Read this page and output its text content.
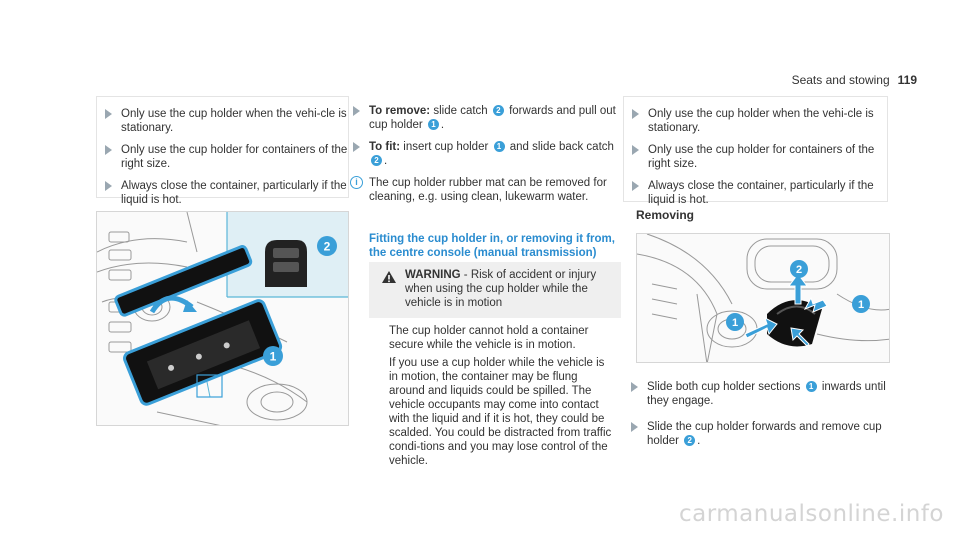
Seats and stowing 119
Only use the cup holder when the vehi-cle is stationary.
Only use the cup holder for containers of the right size.
Always close the container, particularly if the liquid is hot.
2
1
To remove: slide catch 2 forwards and pull out cup holder 1 .
To fit: insert cup holder 1 and slide back catch 2 .
i The cup holder rubber mat can be removed for cleaning, e.g. using clean, lukewarm water.
Fitting the cup holder in, or removing it from, the centre console (manual transmission)
WARNING - Risk of accident or injury when using the cup holder while the vehicle is in motion

The cup holder cannot hold a container secure while the vehicle is in motion.

If you use a cup holder while the vehicle is in motion, the container may be flung around and liquids could be spilled. The vehicle occupants may come into contact with the liquid and if it is hot, they could be scalded. You could be distracted from traffic condi-tions and you may lose control of the vehicle.

Only use the cup holder when the vehi-cle is stationary.
Only use the cup holder for containers of the right size.
Always close the container, particularly if the liquid is hot.
Removing
2
1
1
Slide both cup holder sections 1 inwards until they engage.
Slide the cup holder forwards and remove cup holder 2 .
carmanualsonline.info
